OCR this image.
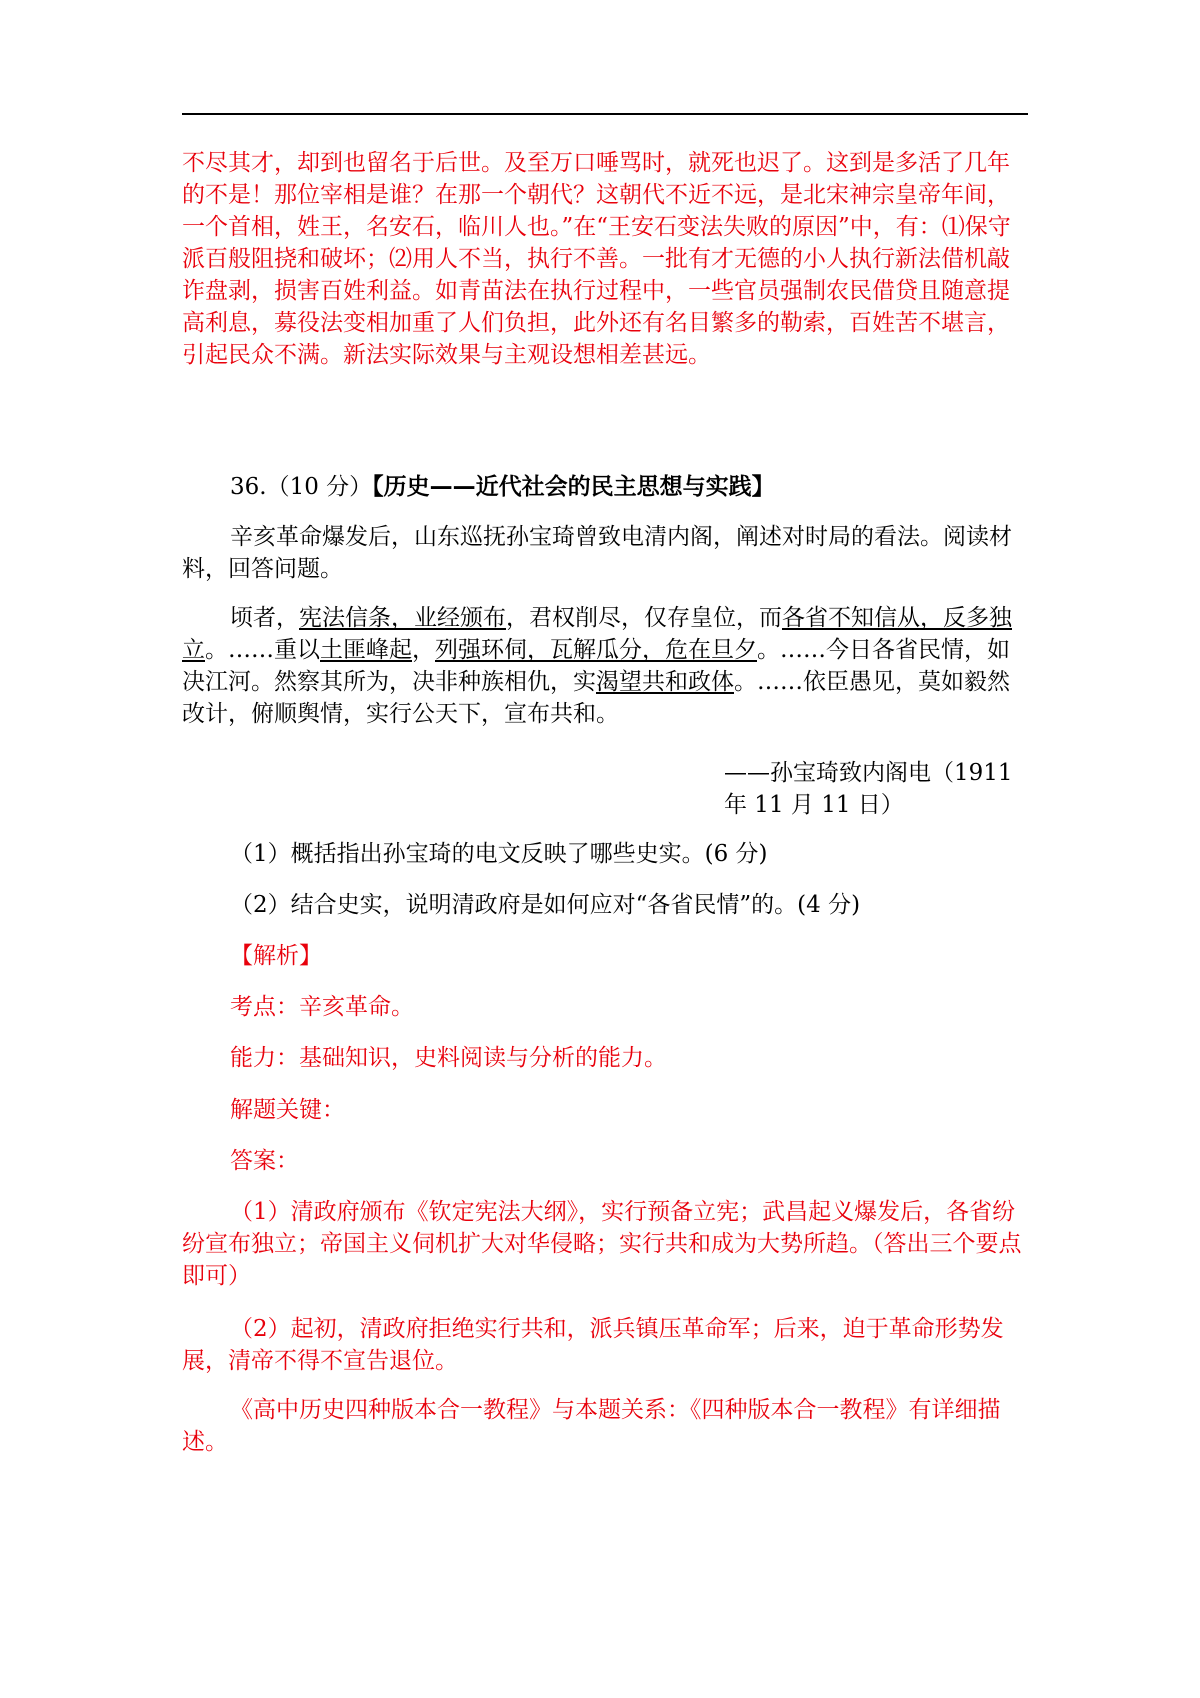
不尽其才，却到也留名于后世。及至万口唾骂时，就死也迟了。这到是多活了几年的不是！那位宰相是谁？在那一个朝代？这朝代不近不远，是北宋神宗皇帝年间，一个首相，姓王，名安石，临川人也。”在“王安石变法失败的原因”中，有：⑴保守派百般阻挠和破坏；⑵用人不当，执行不善。一批有才无德的小人执行新法借机敲诈盘剥，损害百姓利益。如青苗法在执行过程中，一些官员强制农民借贷且随意提高利息，募役法变相加重了人们负担，此外还有名目繁多的勒索，百姓苦不堪言，引起民众不满。新法实际效果与主观设想相差甚远。

36.（10 分）【历史——近代社会的民主思想与实践】

辛亥革命爆发后，山东巡抚孙宝琦曾致电清内阁，阐述对时局的看法。阅读材料，回答问题。

顷者，宪法信条，业经颁布，君权削尽，仅存皇位，而各省不知信从，反多独立。……重以土匪峰起，列强环伺，瓦解瓜分，危在旦夕。……今日各省民情，如决江河。然察其所为，决非种族相仇，实渴望共和政体。……依臣愚见，莫如毅然改计，俯顺舆情，实行公天下，宣布共和。

——孙宝琦致内阁电（1911年 11 月 11 日）

（1）概括指出孙宝琦的电文反映了哪些史实。(6 分)

（2）结合史实，说明清政府是如何应对“各省民情”的。(4 分)

【解析】

考点：辛亥革命。

能力：基础知识，史料阅读与分析的能力。

解题关键：

答案：

（1）清政府颁布《钦定宪法大纲》，实行预备立宪；武昌起义爆发后，各省纷纷宣布独立；帝国主义伺机扩大对华侵略；实行共和成为大势所趋。（答出三个要点即可）

（2）起初，清政府拒绝实行共和，派兵镇压革命军；后来，迫于革命形势发展，清帝不得不宣告退位。

《高中历史四种版本合一教程》与本题关系：《四种版本合一教程》有详细描述。
